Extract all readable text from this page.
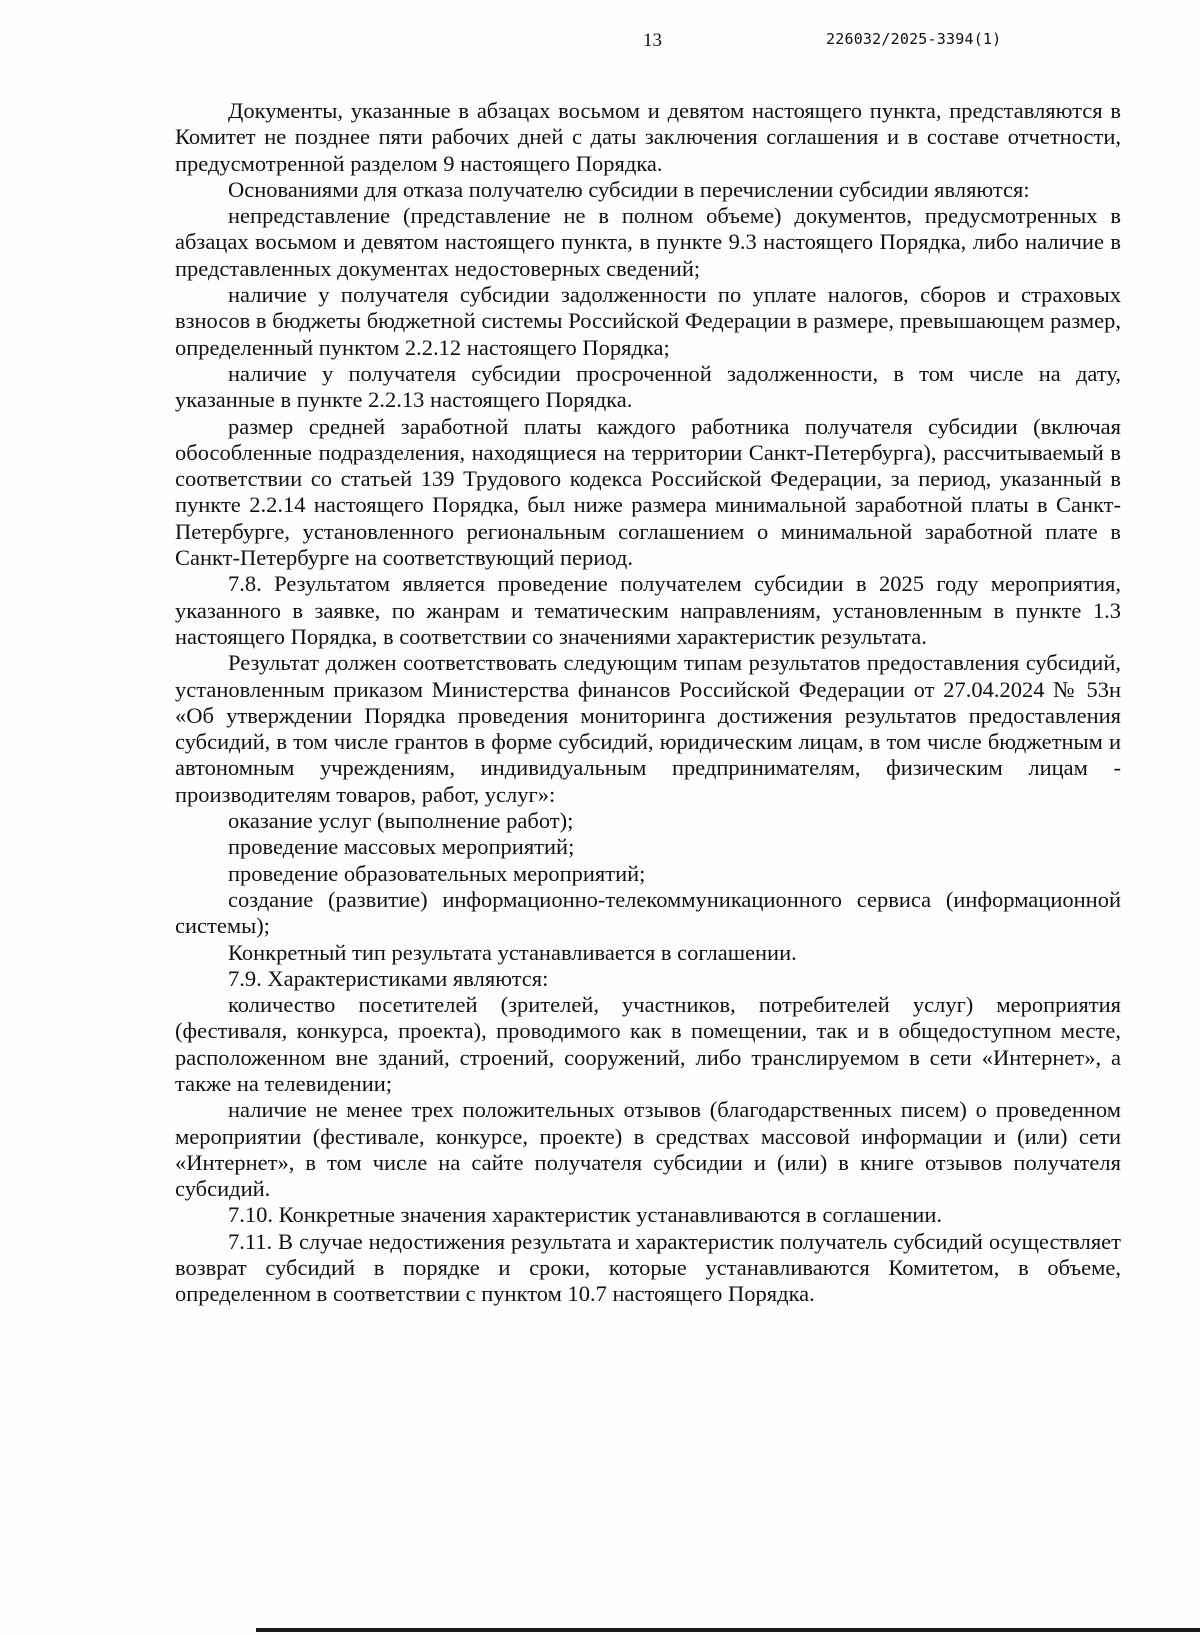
13	226032/2025-3394(1)

Документы, указанные в абзацах восьмом и девятом настоящего пункта, представляются в Комитет не позднее пяти рабочих дней с даты заключения соглашения и в составе отчетности, предусмотренной разделом 9 настоящего Порядка.

Основаниями для отказа получателю субсидии в перечислении субсидии являются:

непредставление (представление не в полном объеме) документов, предусмотренных в абзацах восьмом и девятом настоящего пункта, в пункте 9.3 настоящего Порядка, либо наличие в представленных документах недостоверных сведений;

наличие у получателя субсидии задолженности по уплате налогов, сборов и страховых взносов в бюджеты бюджетной системы Российской Федерации в размере, превышающем размер, определенный пунктом 2.2.12 настоящего Порядка;

наличие у получателя субсидии просроченной задолженности, в том числе на дату, указанные в пункте 2.2.13 настоящего Порядка.

размер средней заработной платы каждого работника получателя субсидии (включая обособленные подразделения, находящиеся на территории Санкт-Петербурга), рассчитываемый в соответствии со статьей 139 Трудового кодекса Российской Федерации, за период, указанный в пункте 2.2.14 настоящего Порядка, был ниже размера минимальной заработной платы в Санкт-Петербурге, установленного региональным соглашением о минимальной заработной плате в Санкт-Петербурге на соответствующий период.

7.8. Результатом является проведение получателем субсидии в 2025 году мероприятия, указанного в заявке, по жанрам и тематическим направлениям, установленным в пункте 1.3 настоящего Порядка, в соответствии со значениями характеристик результата.

Результат должен соответствовать следующим типам результатов предоставления субсидий, установленным приказом Министерства финансов Российской Федерации от 27.04.2024 № 53н «Об утверждении Порядка проведения мониторинга достижения результатов предоставления субсидий, в том числе грантов в форме субсидий, юридическим лицам, в том числе бюджетным и автономным учреждениям, индивидуальным предпринимателям, физическим лицам - производителям товаров, работ, услуг»:

оказание услуг (выполнение работ);

проведение массовых мероприятий;

проведение образовательных мероприятий;

создание (развитие) информационно-телекоммуникационного сервиса (информационной системы);

Конкретный тип результата устанавливается в соглашении.

7.9. Характеристиками являются:

количество посетителей (зрителей, участников, потребителей услуг) мероприятия (фестиваля, конкурса, проекта), проводимого как в помещении, так и в общедоступном месте, расположенном вне зданий, строений, сооружений, либо транслируемом в сети «Интернет», а также на телевидении;

наличие не менее трех положительных отзывов (благодарственных писем) о проведенном мероприятии (фестивале, конкурсе, проекте) в средствах массовой информации и (или) сети «Интернет», в том числе на сайте получателя субсидии и (или) в книге отзывов получателя субсидий.

7.10. Конкретные значения характеристик устанавливаются в соглашении.

7.11. В случае недостижения результата и характеристик получатель субсидий осуществляет возврат субсидий в порядке и сроки, которые устанавливаются Комитетом, в объеме, определенном в соответствии с пунктом 10.7 настоящего Порядка.
